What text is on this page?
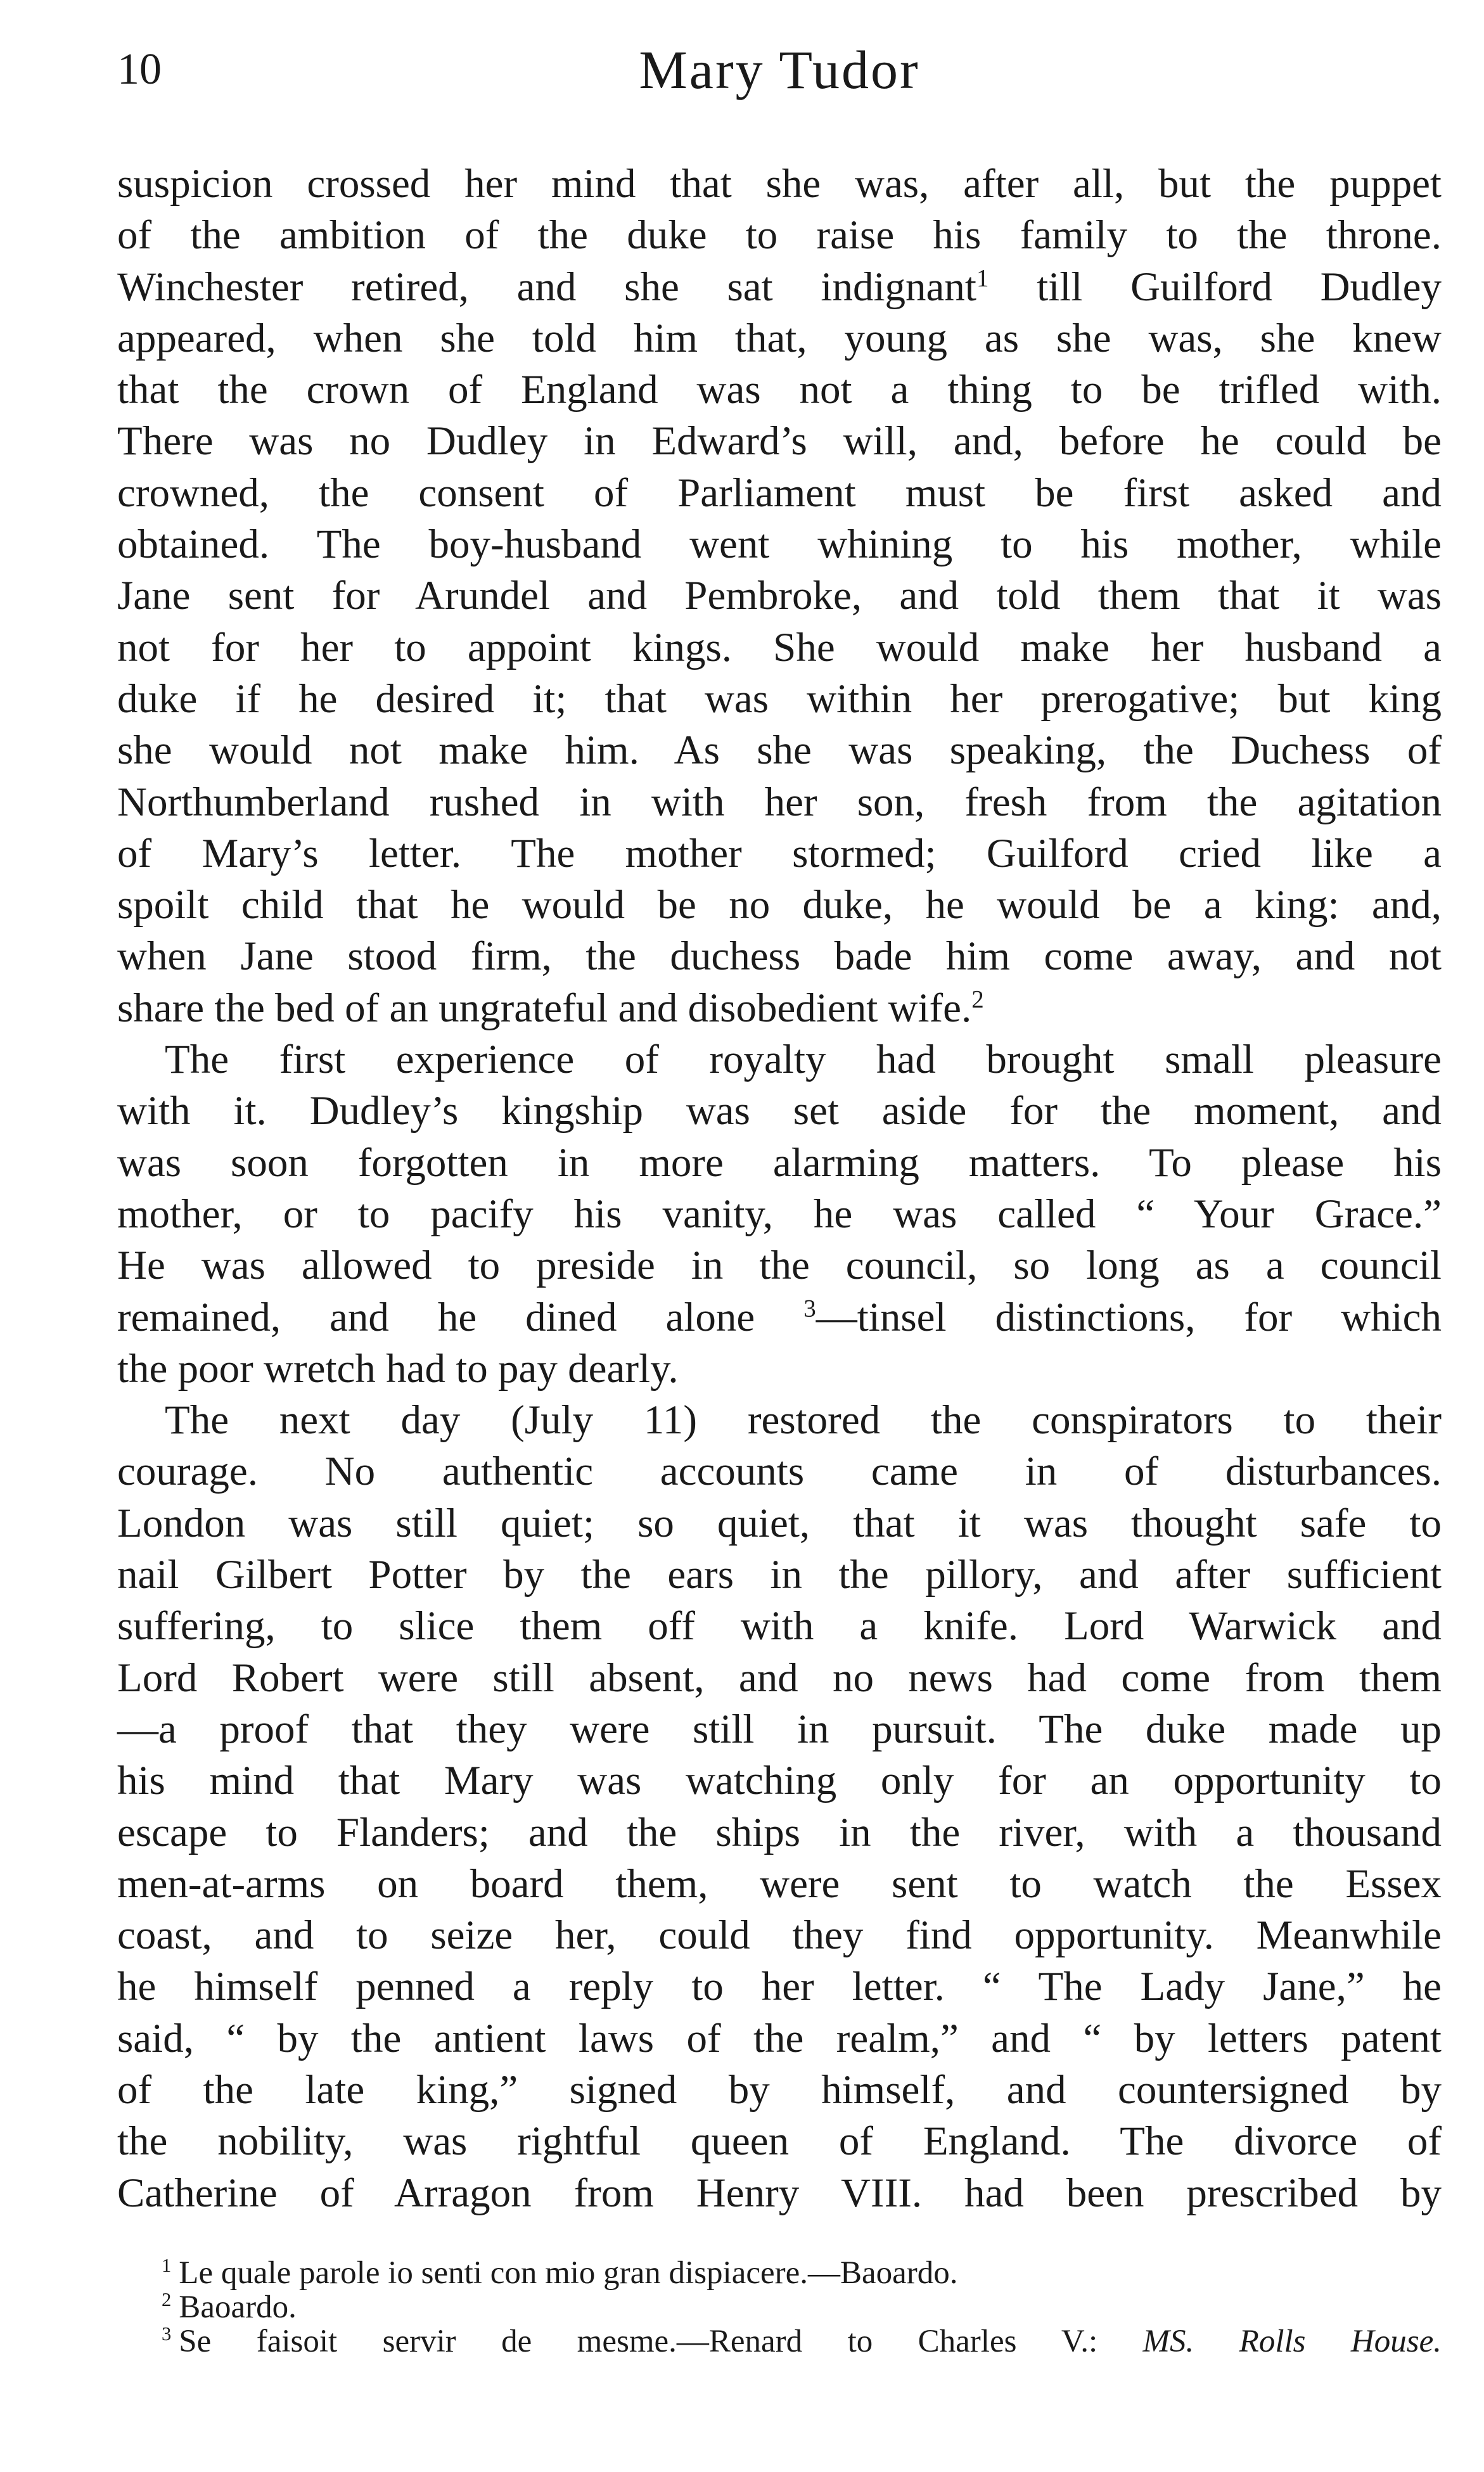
10	Mary Tudor
suspicion crossed her mind that she was, after all, but the puppet
of the ambition of the duke to raise his family to the throne.
Winchester retired, and she sat indignant$^1$ till Guilford Dudley
appeared, when she told him that, young as she was, she knew
that the crown of England was not a thing to be trifled with.
There was no Dudley in Edward’s will, and, before he could be
crowned, the consent of Parliament must be first asked and
obtained. The boy-husband went whining to his mother, while
Jane sent for Arundel and Pembroke, and told them that it was
not for her to appoint kings. She would make her husband a
duke if he desired it; that was within her prerogative; but king
she would not make him. As she was speaking, the Duchess of
Northumberland rushed in with her son, fresh from the agitation
of Mary’s letter. The mother stormed; Guilford cried like a
spoilt child that he would be no duke, he would be a king: and,
when Jane stood firm, the duchess bade him come away, and not
share the bed of an ungrateful and disobedient wife.$^2$
The first experience of royalty had brought small pleasure
with it. Dudley’s kingship was set aside for the moment, and
was soon forgotten in more alarming matters. To please his
mother, or to pacify his vanity, he was called “ Your Grace.”
He was allowed to preside in the council, so long as a council
remained, and he dined alone $^3$—tinsel distinctions, for which
the poor wretch had to pay dearly.
The next day (July 11) restored the conspirators to their
courage. No authentic accounts came in of disturbances.
London was still quiet; so quiet, that it was thought safe to
nail Gilbert Potter by the ears in the pillory, and after sufficient
suffering, to slice them off with a knife. Lord Warwick and
Lord Robert were still absent, and no news had come from them
—a proof that they were still in pursuit. The duke made up
his mind that Mary was watching only for an opportunity to
escape to Flanders; and the ships in the river, with a thousand
men-at-arms on board them, were sent to watch the Essex
coast, and to seize her, could they find opportunity. Meanwhile
he himself penned a reply to her letter. “ The Lady Jane,” he
said, “ by the antient laws of the realm,” and “ by letters patent
of the late king,” signed by himself, and countersigned by
the nobility, was rightful queen of England. The divorce of
Catherine of Arragon from Henry VIII. had been prescribed by
$^1$ Le quale parole io senti con mio gran dispiacere.—Baoardo.
$^2$ Baoardo.
$^3$ Se faisoit servir de mesme.—Renard to Charles V.: MS. Rolls House.
